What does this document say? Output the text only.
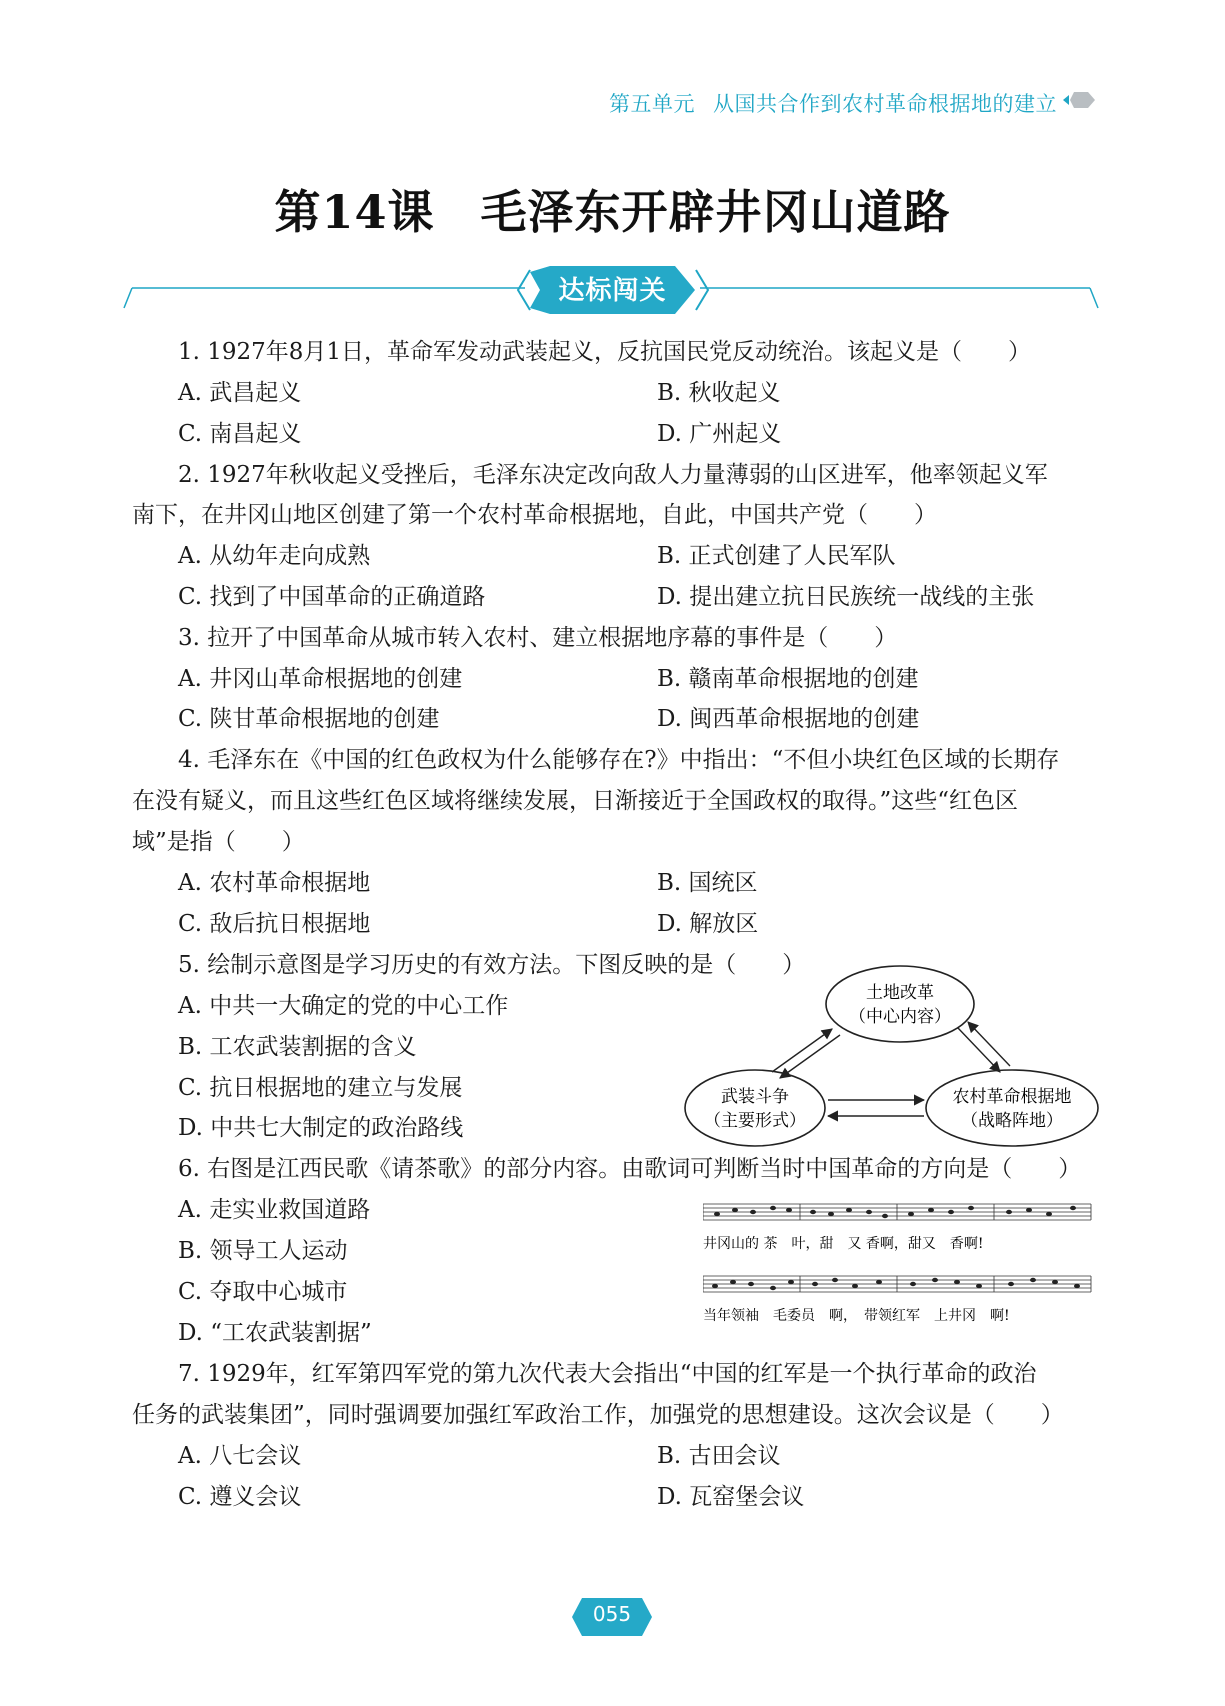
第五单元 从国共合作到农村革命根据地的建立
第14课 毛泽东开辟井冈山道路
达标闯关
1. 1927年8月1日，革命军发动武装起义，反抗国民党反动统治。该起义是（　　）
A. 武昌起义	B. 秋收起义
C. 南昌起义	D. 广州起义
2. 1927年秋收起义受挫后，毛泽东决定改向敌人力量薄弱的山区进军，他率领起义军
南下，在井冈山地区创建了第一个农村革命根据地，自此，中国共产党（　　）
A. 从幼年走向成熟	B. 正式创建了人民军队
C. 找到了中国革命的正确道路	D. 提出建立抗日民族统一战线的主张
3. 拉开了中国革命从城市转入农村、建立根据地序幕的事件是（　　）
A. 井冈山革命根据地的创建	B. 赣南革命根据地的创建
C. 陕甘革命根据地的创建	D. 闽西革命根据地的创建
4. 毛泽东在《中国的红色政权为什么能够存在?》中指出：“不但小块红色区域的长期存
在没有疑义，而且这些红色区域将继续发展，日渐接近于全国政权的取得。”这些“红色区
域”是指（　　）
A. 农村革命根据地	B. 国统区
C. 敌后抗日根据地	D. 解放区
5. 绘制示意图是学习历史的有效方法。下图反映的是（　　）
A. 中共一大确定的党的中心工作
B. 工农武装割据的含义
C. 抗日根据地的建立与发展
D. 中共七大制定的政治路线
土地改革
（中心内容）
武装斗争
（主要形式）
农村革命根据地
（战略阵地）
6. 右图是江西民歌《请茶歌》的部分内容。由歌词可判断当时中国革命的方向是（　　）
A. 走实业救国道路
B. 领导工人运动
C. 夺取中心城市
D. “工农武装割据”
井冈山的 茶　叶，甜　又 香啊，甜又　香啊!
当年领袖　毛委员　啊，　带领红军　上井冈　啊!
7. 1929年，红军第四军党的第九次代表大会指出“中国的红军是一个执行革命的政治
任务的武装集团”，同时强调要加强红军政治工作，加强党的思想建设。这次会议是（　　）
A. 八七会议	B. 古田会议
C. 遵义会议	D. 瓦窑堡会议
055
